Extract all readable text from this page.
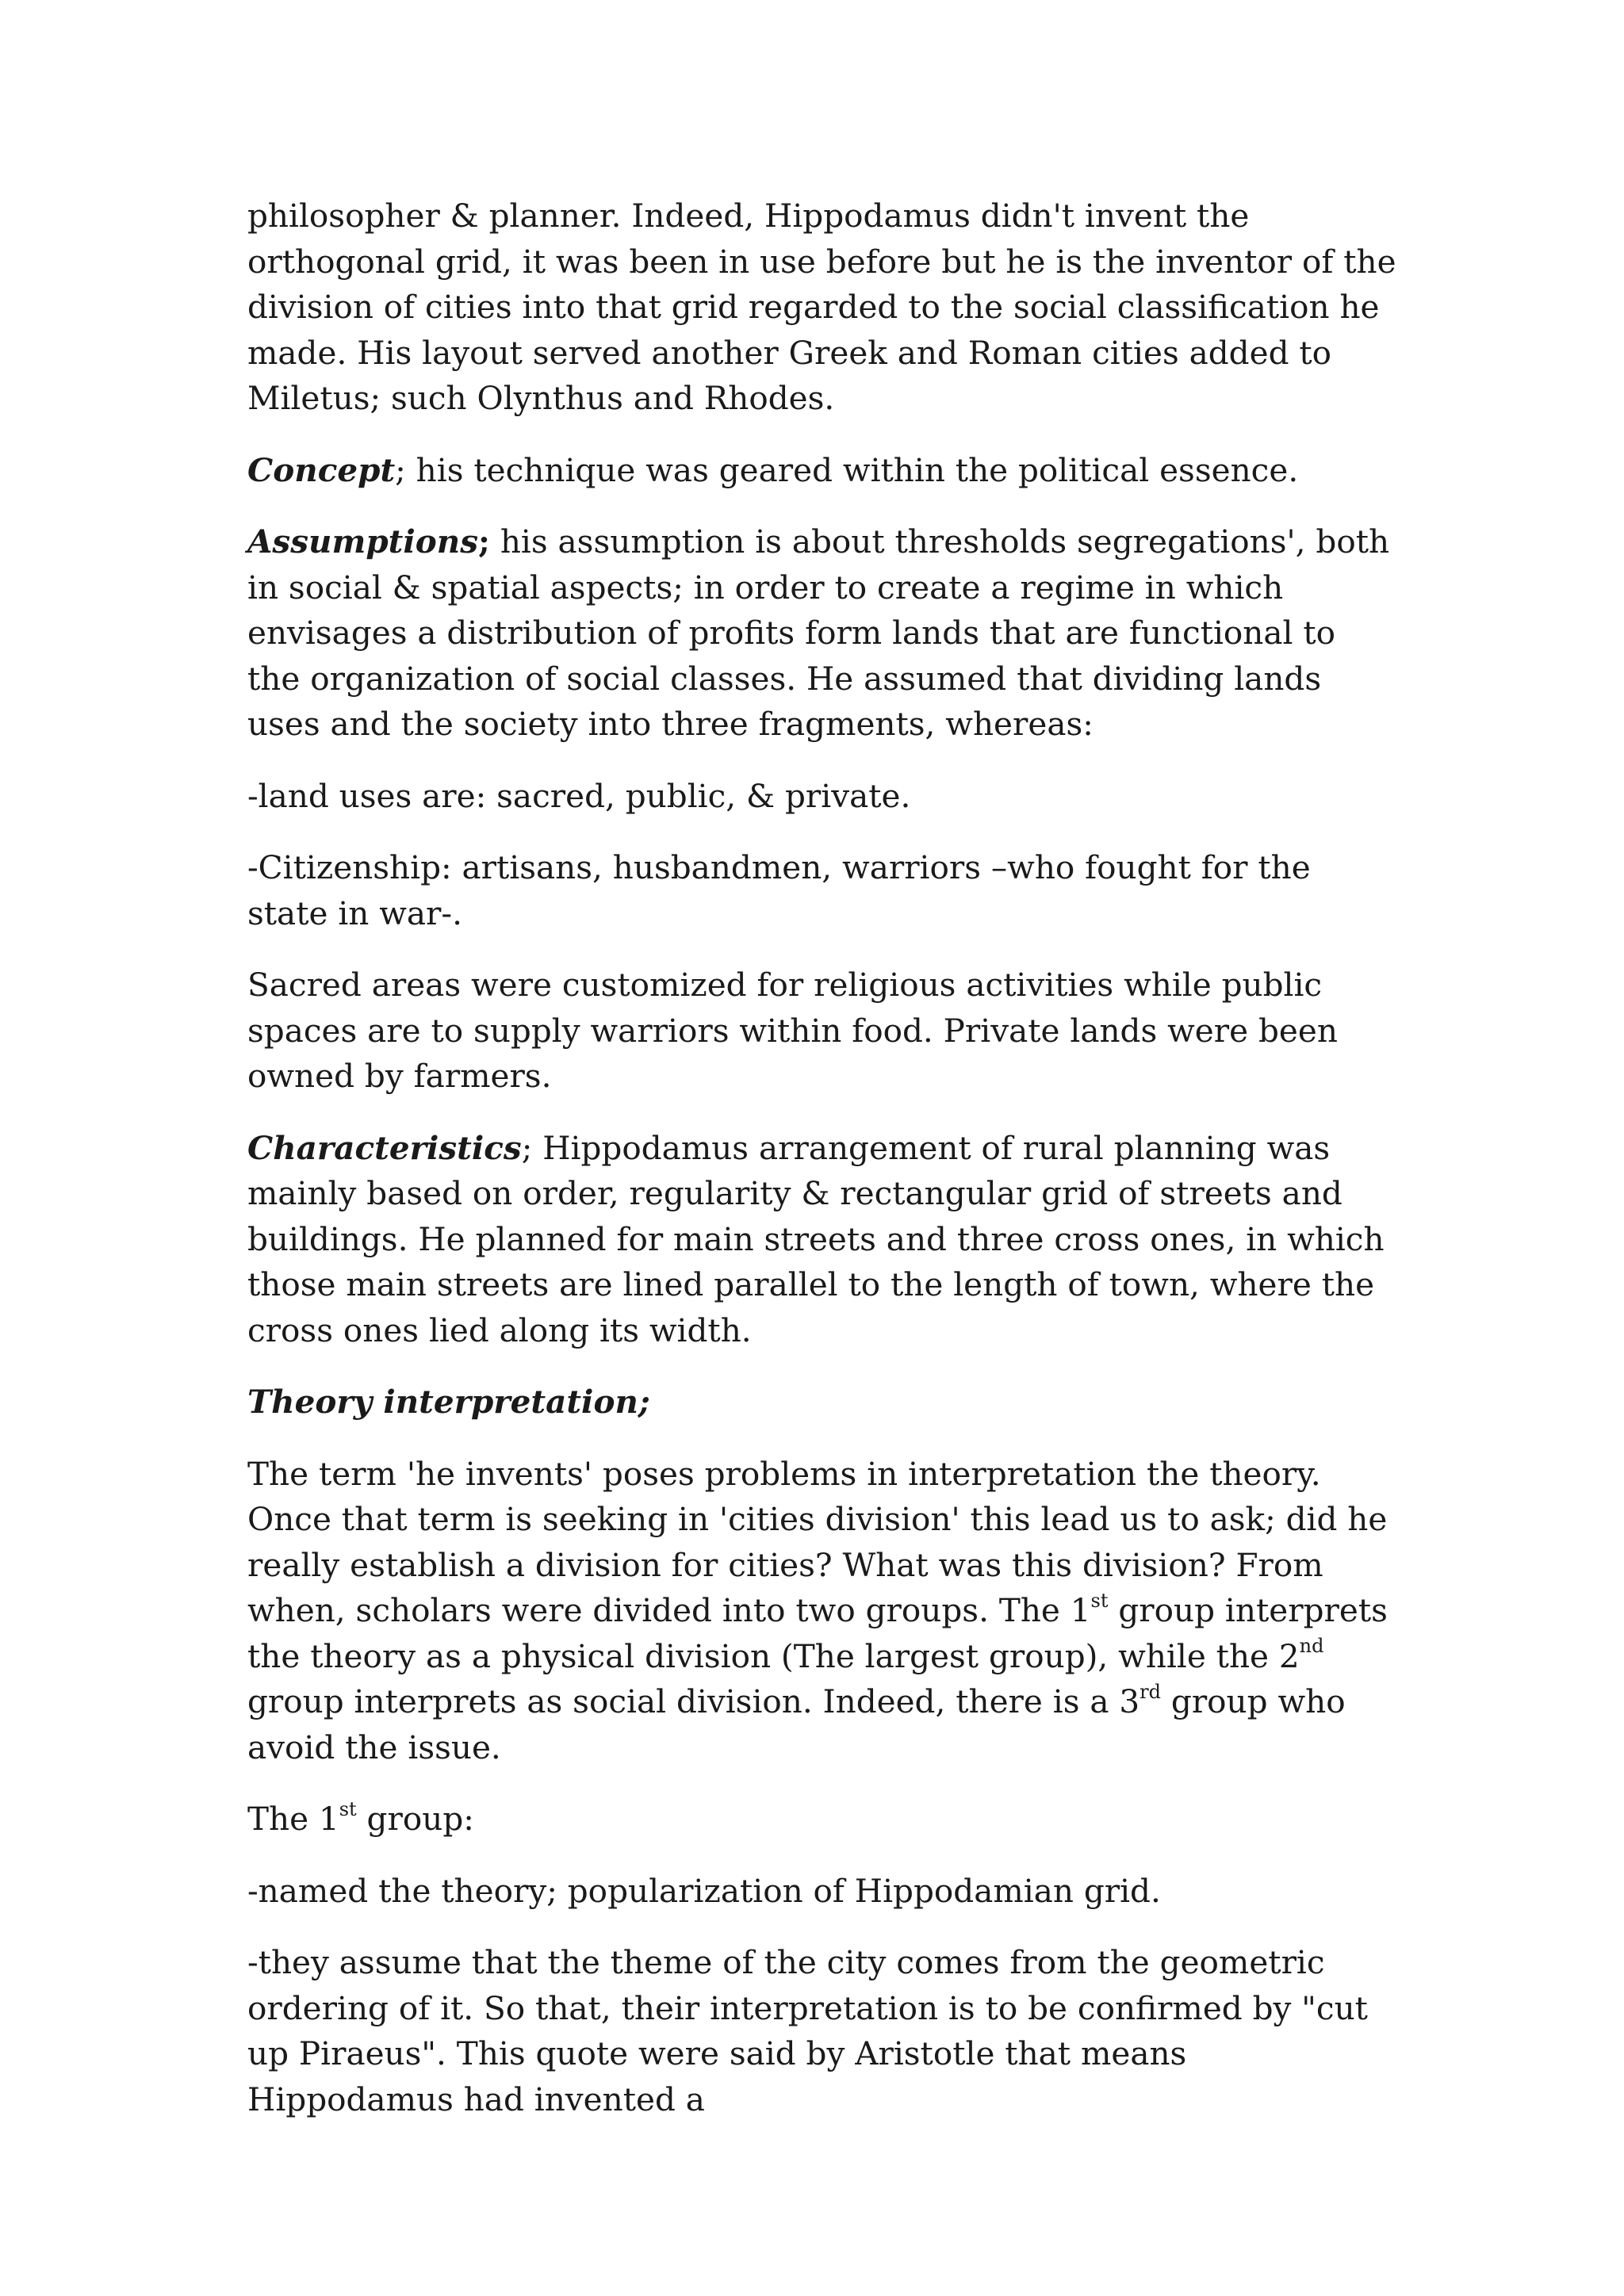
philosopher & planner. Indeed, Hippodamus didn't invent the orthogonal grid, it was been in use before but he is the inventor of the division of cities into that grid regarded to the social classification he made. His layout served another Greek and Roman cities added to Miletus; such Olynthus and Rhodes.

Concept; his technique was geared within the political essence.

Assumptions; his assumption is about thresholds segregations', both in social & spatial aspects; in order to create a regime in which envisages a distribution of profits form lands that are functional to the organization of social classes. He assumed that dividing lands uses and the society into three fragments, whereas:

-land uses are: sacred, public, & private.

-Citizenship: artisans, husbandmen, warriors –who fought for the state in war-.

Sacred areas were customized for religious activities while public spaces are to supply warriors within food. Private lands were been owned by farmers.

Characteristics; Hippodamus arrangement of rural planning was mainly based on order, regularity & rectangular grid of streets and buildings. He planned for main streets and three cross ones, in which those main streets are lined parallel to the length of town, where the cross ones lied along its width.

Theory interpretation;

The term 'he invents' poses problems in interpretation the theory. Once that term is seeking in 'cities division' this lead us to ask; did he really establish a division for cities? What was this division? From when, scholars were divided into two groups. The 1st group interprets the theory as a physical division (The largest group), while the 2nd group interprets as social division. Indeed, there is a 3rd group who avoid the issue.

The 1st group:

-named the theory; popularization of Hippodamian grid.

-they assume that the theme of the city comes from the geometric ordering of it. So that, their interpretation is to be confirmed by "cut up Piraeus". This quote were said by Aristotle that means Hippodamus had invented a
